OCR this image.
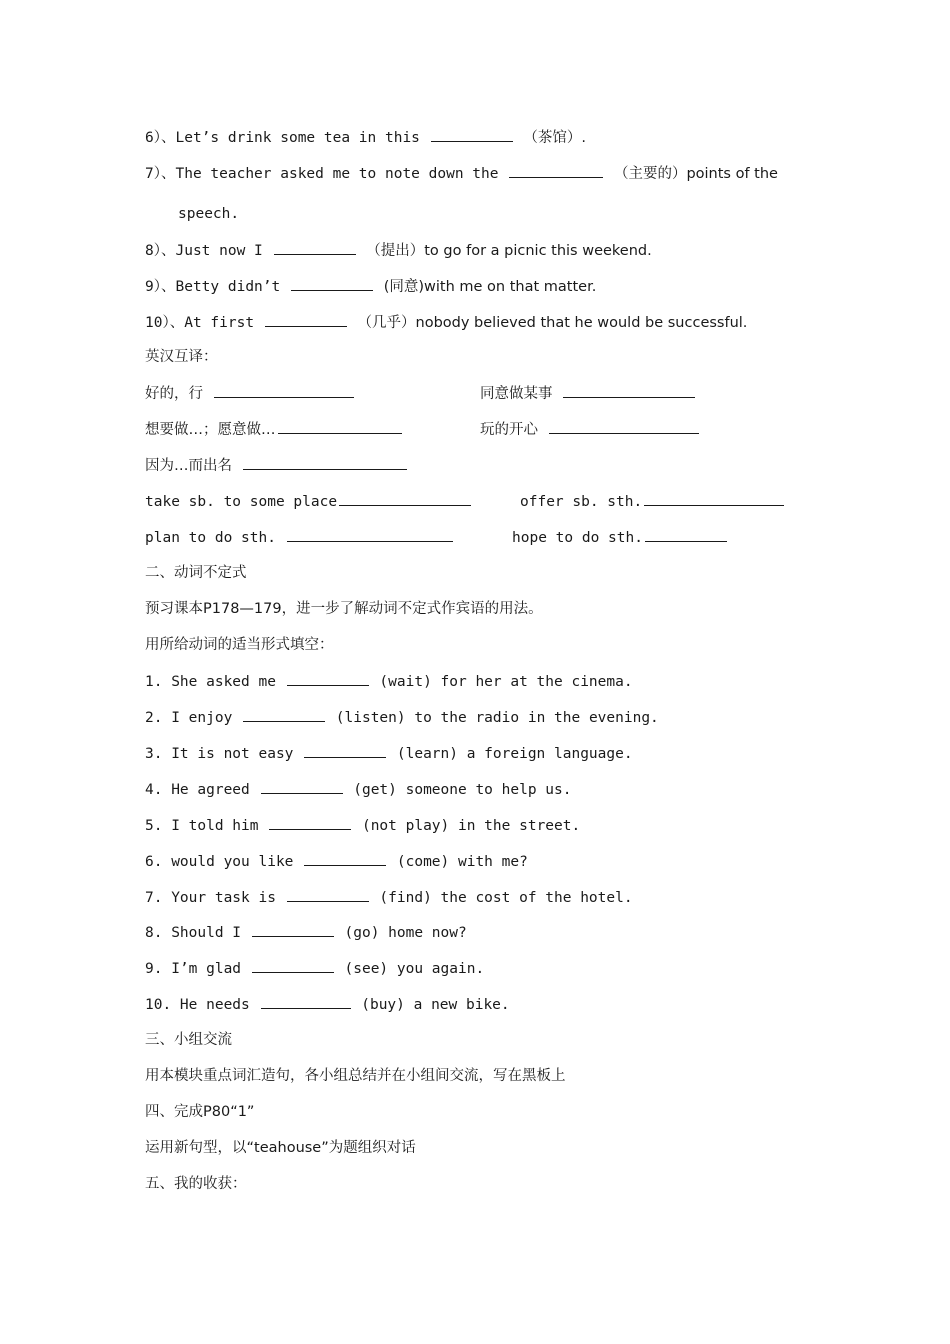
6）、Let’s drink some tea in this	（茶馆）.
7）、The teacher asked me to note down the	（主要的）points of the
speech.
8）、Just now I	（提出）to go for a picnic this weekend.
9）、Betty didn’t	(同意)with me on that matter.
10）、At first	（几乎）nobody believed that he would be successful.
英汉互译：
好的，行	同意做某事
想要做…；愿意做…	玩的开心
因为…而出名
take sb. to some place	offer sb. sth.
plan to do sth.	hope to do sth.
二、动词不定式
预习课本P178—179，进一步了解动词不定式作宾语的用法。
用所给动词的适当形式填空：
1. She asked me	(wait) for her at the cinema.
2. I enjoy	(listen) to the radio in the evening.
3. It is not easy	(learn) a foreign language.
4. He agreed	(get) someone to help us.
5. I told him	(not play) in the street.
6. would you like	(come) with me?
7. Your task is	(find) the cost of the hotel.
8. Should I	(go) home now?
9. I’m glad	(see) you again.
10. He needs	(buy) a new bike.
三、小组交流
用本模块重点词汇造句，各小组总结并在小组间交流，写在黑板上
四、完成P80“1”
运用新句型，以“teahouse”为题组织对话
五、我的收获：
